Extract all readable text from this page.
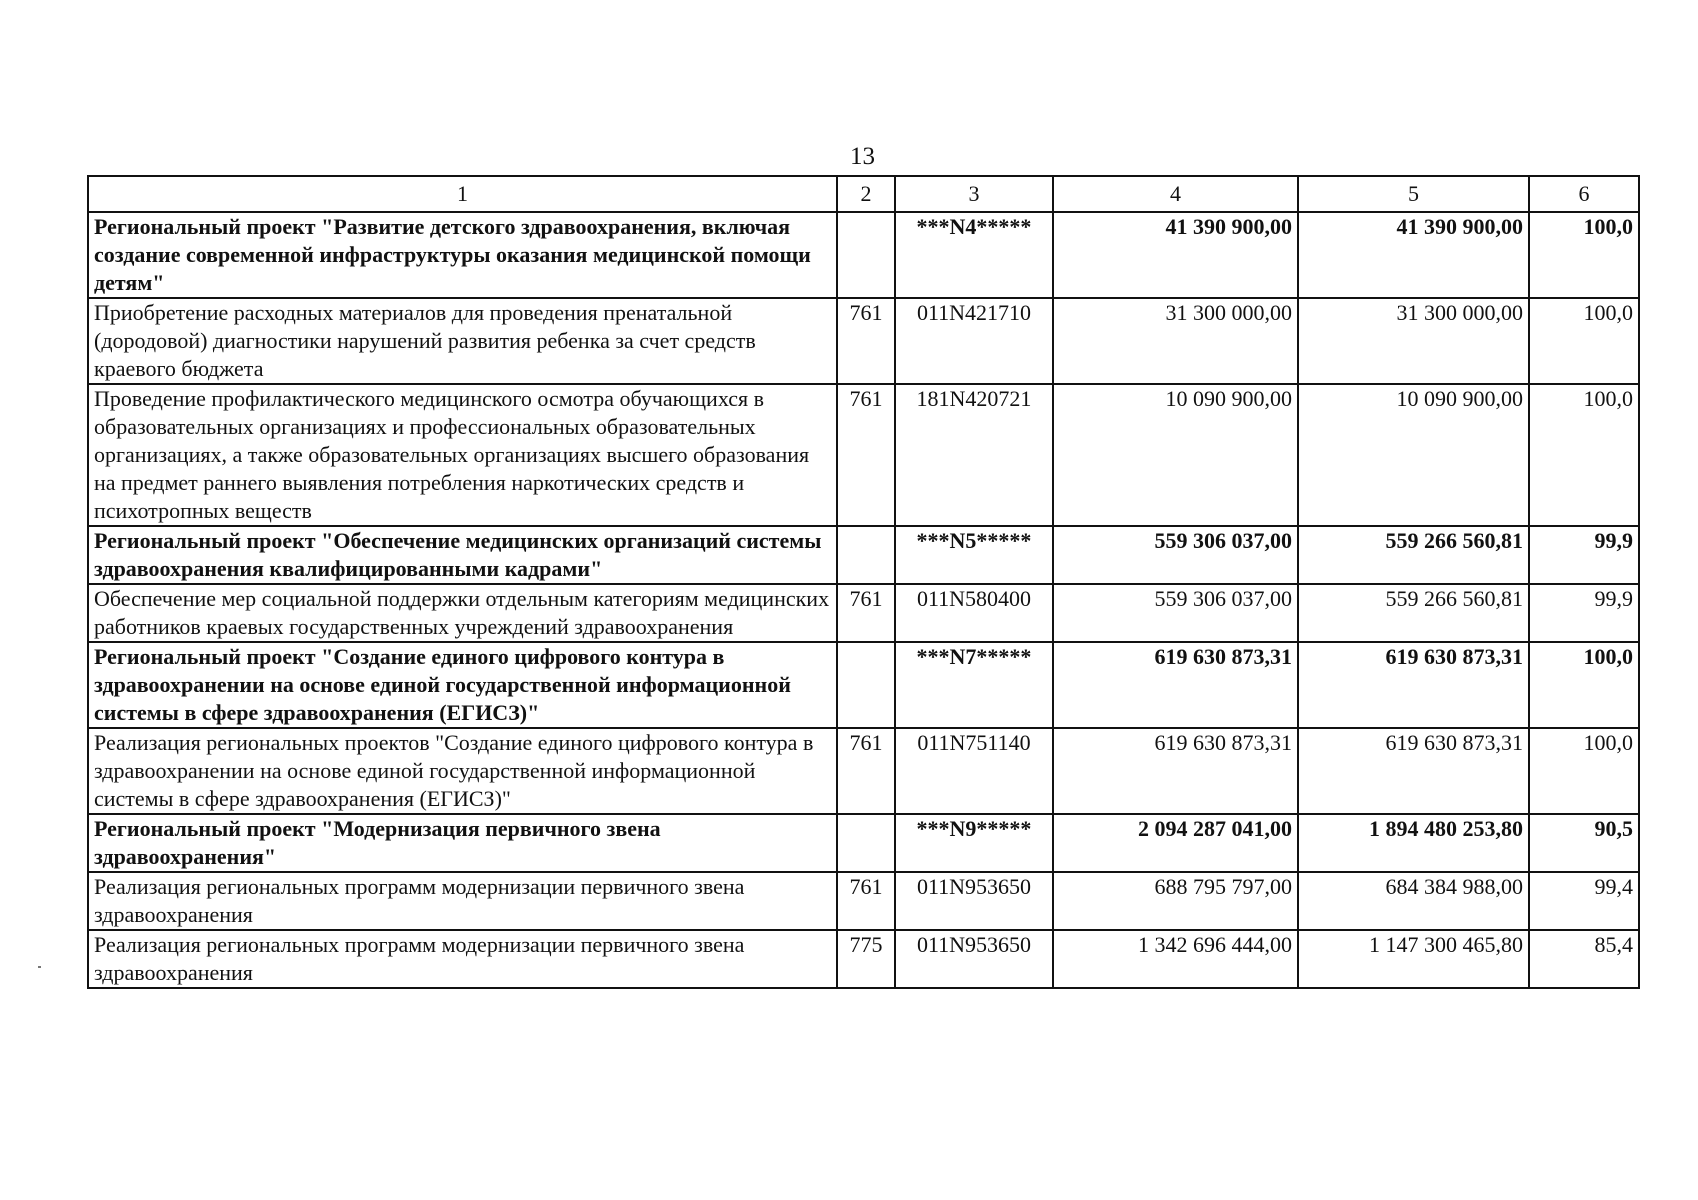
13
1	2	3	4	5	6
Региональный проект "Развитие детского здравоохранения, включая создание современной инфраструктуры оказания медицинской помощи детям"		***N4*****	41 390 900,00	41 390 900,00	100,0
Приобретение расходных материалов для проведения пренатальной (дородовой) диагностики нарушений развития ребенка за счет средств краевого бюджета	761	011N421710	31 300 000,00	31 300 000,00	100,0
Проведение профилактического медицинского осмотра обучающихся в образовательных организациях и профессиональных образовательных организациях, а также образовательных организациях высшего образования на предмет раннего выявления потребления наркотических средств и психотропных веществ	761	181N420721	10 090 900,00	10 090 900,00	100,0
Региональный проект "Обеспечение медицинских организаций системы здравоохранения квалифицированными кадрами"		***N5*****	559 306 037,00	559 266 560,81	99,9
Обеспечение мер социальной поддержки отдельным категориям медицинских работников краевых государственных учреждений здравоохранения	761	011N580400	559 306 037,00	559 266 560,81	99,9
Региональный проект "Создание единого цифрового контура в здравоохранении на основе единой государственной информационной системы в сфере здравоохранения (ЕГИСЗ)"		***N7*****	619 630 873,31	619 630 873,31	100,0
Реализация региональных проектов "Создание единого цифрового контура в здравоохранении на основе единой государственной информационной системы в сфере здравоохранения (ЕГИСЗ)"	761	011N751140	619 630 873,31	619 630 873,31	100,0
Региональный проект "Модернизация первичного звена здравоохранения"		***N9*****	2 094 287 041,00	1 894 480 253,80	90,5
Реализация региональных программ модернизации первичного звена здравоохранения	761	011N953650	688 795 797,00	684 384 988,00	99,4
Реализация региональных программ модернизации первичного звена здравоохранения	775	011N953650	1 342 696 444,00	1 147 300 465,80	85,4
